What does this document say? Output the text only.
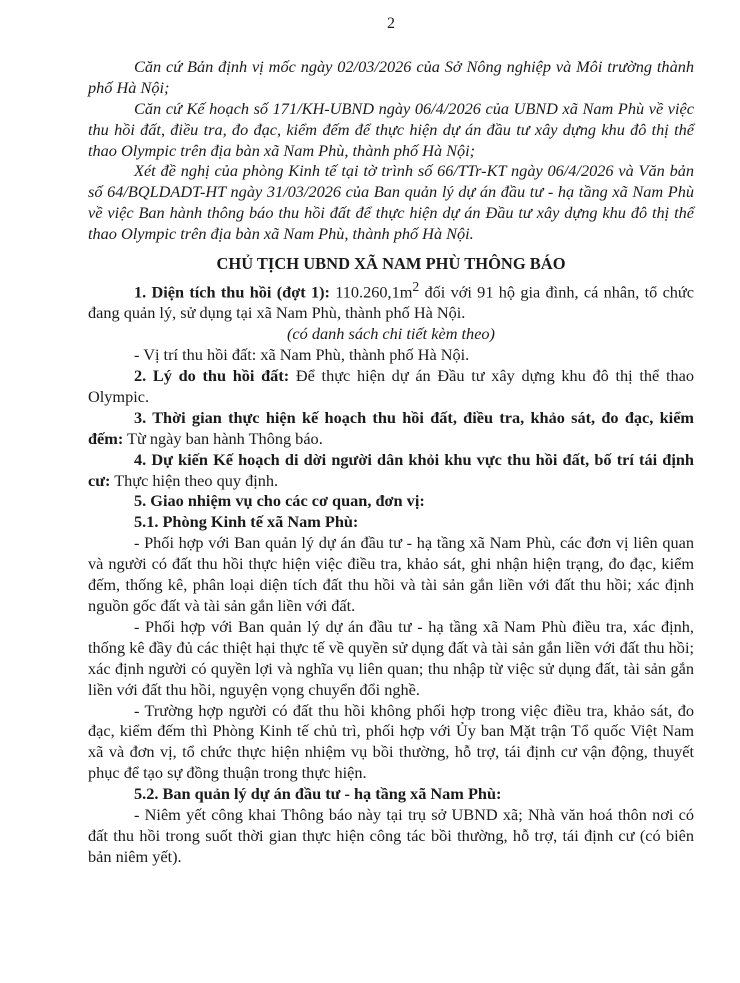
2

Căn cứ Bản định vị mốc ngày 02/03/2026 của Sở Nông nghiệp và Môi trường thành phố Hà Nội;

Căn cứ Kế hoạch số 171/KH-UBND ngày 06/4/2026 của UBND xã Nam Phù về việc thu hồi đất, điều tra, đo đạc, kiểm đếm để thực hiện dự án đầu tư xây dựng khu đô thị thể thao Olympic trên địa bàn xã Nam Phù, thành phố Hà Nội;

Xét đề nghị của phòng Kinh tế tại tờ trình số 66/TTr-KT ngày 06/4/2026 và Văn bản số 64/BQLDADT-HT ngày 31/03/2026 của Ban quản lý dự án đầu tư - hạ tầng xã Nam Phù về việc Ban hành thông báo thu hồi đất để thực hiện dự án Đầu tư xây dựng khu đô thị thể thao Olympic trên địa bàn xã Nam Phù, thành phố Hà Nội.

CHỦ TỊCH UBND XÃ NAM PHÙ THÔNG BÁO

1. Diện tích thu hồi (đợt 1): $110.260,1m^2$ đối với 91 hộ gia đình, cá nhân, tổ chức đang quản lý, sử dụng tại xã Nam Phù, thành phố Hà Nội.

(có danh sách chi tiết kèm theo)

- Vị trí thu hồi đất: xã Nam Phù, thành phố Hà Nội.

2. Lý do thu hồi đất: Để thực hiện dự án Đầu tư xây dựng khu đô thị thể thao Olympic.

3. Thời gian thực hiện kế hoạch thu hồi đất, điều tra, khảo sát, đo đạc, kiểm đếm: Từ ngày ban hành Thông báo.

4. Dự kiến Kế hoạch di dời người dân khỏi khu vực thu hồi đất, bố trí tái định cư: Thực hiện theo quy định.

5. Giao nhiệm vụ cho các cơ quan, đơn vị:

5.1. Phòng Kinh tế xã Nam Phù:

- Phối hợp với Ban quản lý dự án đầu tư - hạ tầng xã Nam Phù, các đơn vị liên quan và người có đất thu hồi thực hiện việc điều tra, khảo sát, ghi nhận hiện trạng, đo đạc, kiểm đếm, thống kê, phân loại diện tích đất thu hồi và tài sản gắn liền với đất thu hồi; xác định nguồn gốc đất và tài sản gắn liền với đất.

- Phối hợp với Ban quản lý dự án đầu tư - hạ tầng xã Nam Phù điều tra, xác định, thống kê đầy đủ các thiệt hại thực tế về quyền sử dụng đất và tài sản gắn liền với đất thu hồi; xác định người có quyền lợi và nghĩa vụ liên quan; thu nhập từ việc sử dụng đất, tài sản gắn liền với đất thu hồi, nguyện vọng chuyển đổi nghề.

- Trường hợp người có đất thu hồi không phối hợp trong việc điều tra, khảo sát, đo đạc, kiểm đếm thì Phòng Kinh tế chủ trì, phối hợp với Ủy ban Mặt trận Tổ quốc Việt Nam xã và đơn vị, tổ chức thực hiện nhiệm vụ bồi thường, hỗ trợ, tái định cư vận động, thuyết phục để tạo sự đồng thuận trong thực hiện.

5.2. Ban quản lý dự án đầu tư - hạ tầng xã Nam Phù:

- Niêm yết công khai Thông báo này tại trụ sở UBND xã; Nhà văn hoá thôn nơi có đất thu hồi trong suốt thời gian thực hiện công tác bồi thường, hỗ trợ, tái định cư (có biên bản niêm yết).
